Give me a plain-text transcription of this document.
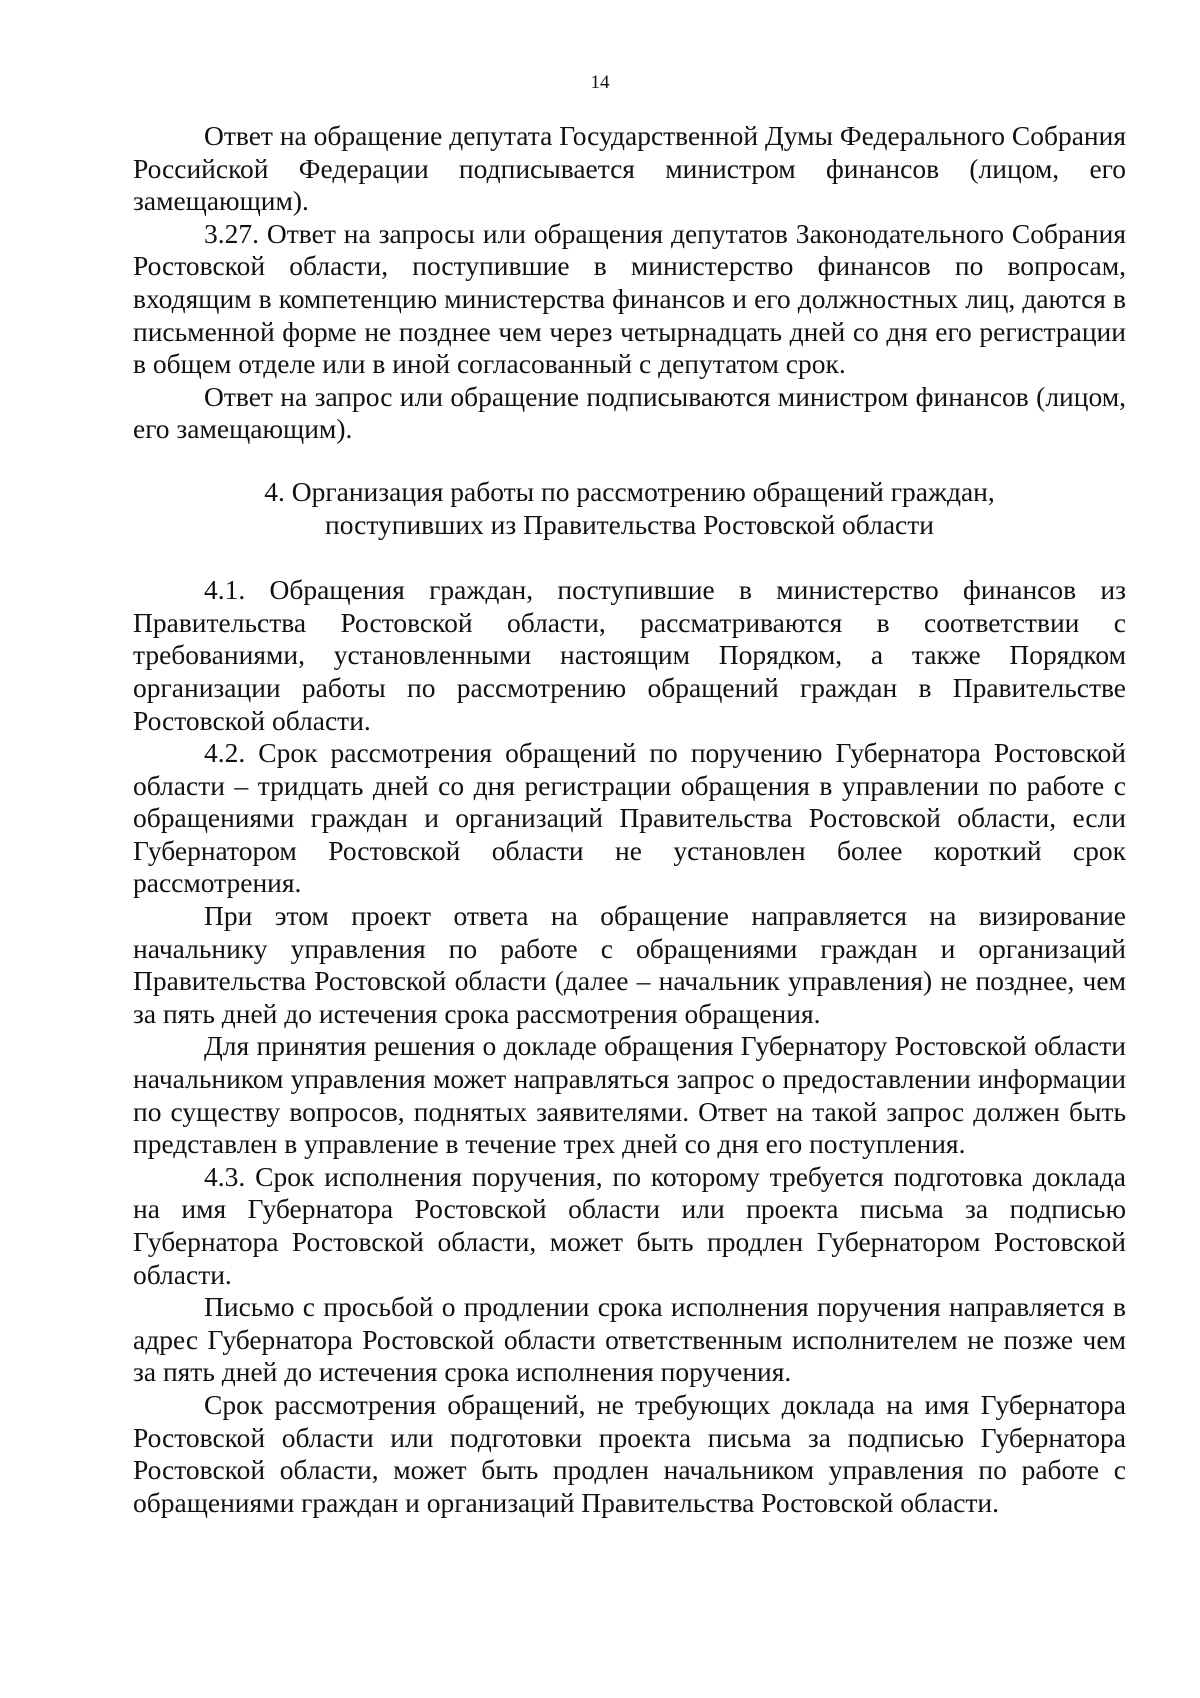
14

Ответ на обращение депутата Государственной Думы Федерального Собрания Российской Федерации подписывается министром финансов (лицом, его замещающим).

3.27. Ответ на запросы или обращения депутатов Законодательного Собрания Ростовской области, поступившие в министерство финансов по вопросам, входящим в компетенцию министерства финансов и его должностных лиц, даются в письменной форме не позднее чем через четырнадцать дней со дня его регистрации в общем отделе или в иной согласованный с депутатом срок.

Ответ на запрос или обращение подписываются министром финансов (лицом, его замещающим).

4. Организация работы по рассмотрению обращений граждан,
поступивших из Правительства Ростовской области

4.1. Обращения граждан, поступившие в министерство финансов из Правительства Ростовской области, рассматриваются в соответствии с требованиями, установленными настоящим Порядком, а также Порядком организации работы по рассмотрению обращений граждан в Правительстве Ростовской области.

4.2. Срок рассмотрения обращений по поручению Губернатора Ростовской области – тридцать дней со дня регистрации обращения в управлении по работе с обращениями граждан и организаций Правительства Ростовской области, если Губернатором Ростовской области не установлен более короткий срок рассмотрения.

При этом проект ответа на обращение направляется на визирование начальнику управления по работе с обращениями граждан и организаций Правительства Ростовской области (далее – начальник управления) не позднее, чем за пять дней до истечения срока рассмотрения обращения.

Для принятия решения о докладе обращения Губернатору Ростовской области начальником управления может направляться запрос о предоставлении информации по существу вопросов, поднятых заявителями. Ответ на такой запрос должен быть представлен в управление в течение трех дней со дня его поступления.

4.3. Срок исполнения поручения, по которому требуется подготовка доклада на имя Губернатора Ростовской области или проекта письма за подписью Губернатора Ростовской области, может быть продлен Губернатором Ростовской области.

Письмо с просьбой о продлении срока исполнения поручения направляется в адрес Губернатора Ростовской области ответственным исполнителем не позже чем за пять дней до истечения срока исполнения поручения.

Срок рассмотрения обращений, не требующих доклада на имя Губернатора Ростовской области или подготовки проекта письма за подписью Губернатора Ростовской области, может быть продлен начальником управления по работе с обращениями граждан и организаций Правительства Ростовской области.
